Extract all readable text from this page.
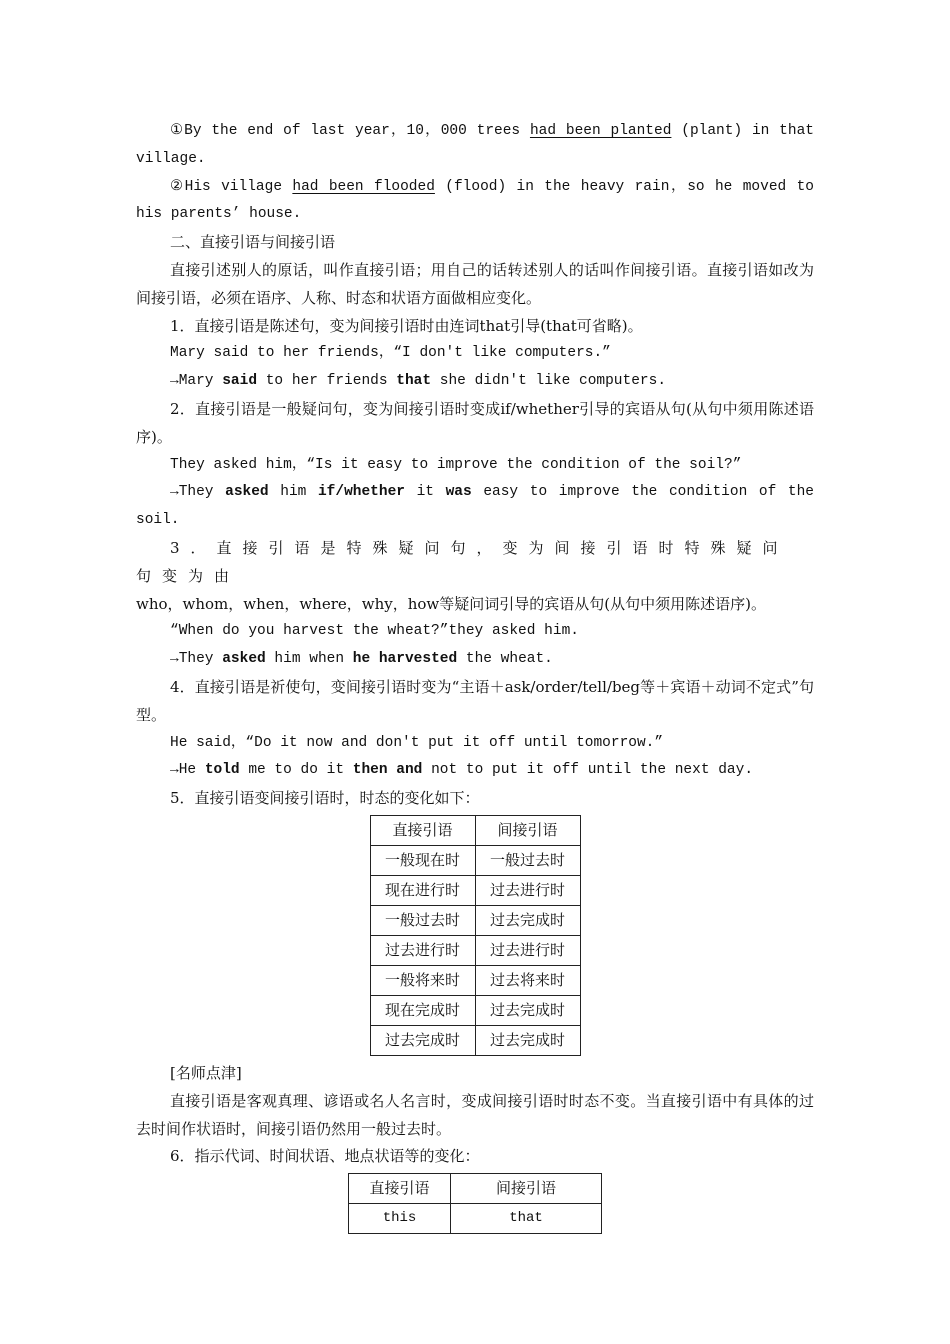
①By the end of last year，10，000 trees had been planted (plant) in that village.

②His village had been flooded (flood) in the heavy rain，so he moved to his parents’ house.

二、直接引语与间接引语

直接引述别人的原话，叫作直接引语；用自己的话转述别人的话叫作间接引语。直接引语如改为间接引语，必须在语序、人称、时态和状语方面做相应变化。

1．直接引语是陈述句，变为间接引语时由连词that引导(that可省略)。

Mary said to her friends，“I don't like computers.”

→Mary said to her friends that she didn't like computers.

2．直接引语是一般疑问句，变为间接引语时变成if/whether引导的宾语从句(从句中须用陈述语序)。

They asked him，“Is it easy to improve the condition of the soil?”

→They asked him if/whether it was easy to improve the condition of the soil.

3．直接引语是特殊疑问句，变为间接引语时特殊疑问句变为由

who，whom，when，where，why，how等疑问词引导的宾语从句(从句中须用陈述语序)。

“When do you harvest the wheat?”they asked him.

→They asked him when he harvested the wheat.

4．直接引语是祈使句，变间接引语时变为“主语＋ask/order/tell/beg等＋宾语＋动词不定式”句型。

He said，“Do it now and don't put it off until tomorrow.”

→He told me to do it then and not to put it off until the next day.

5．直接引语变间接引语时，时态的变化如下：

直接引语	间接引语
一般现在时	一般过去时
现在进行时	过去进行时
一般过去时	过去完成时
过去进行时	过去进行时
一般将来时	过去将来时
现在完成时	过去完成时
过去完成时	过去完成时

[名师点津]

直接引语是客观真理、谚语或名人名言时，变成间接引语时时态不变。当直接引语中有具体的过去时间作状语时，间接引语仍然用一般过去时。

6．指示代词、时间状语、地点状语等的变化：

直接引语	间接引语
this	that
